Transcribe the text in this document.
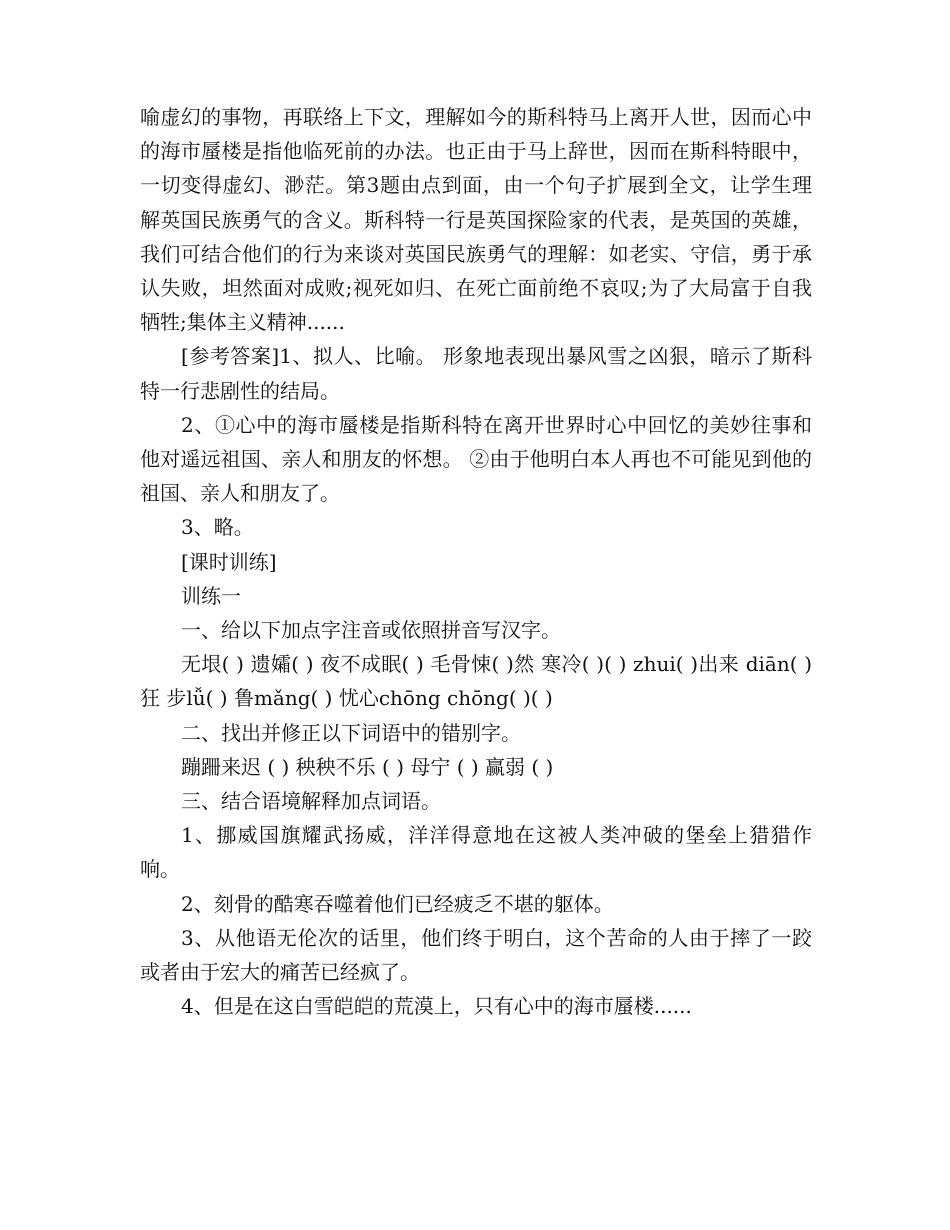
喻虚幻的事物，再联络上下文，理解如今的斯科特马上离开人世，因而心中的海市蜃楼是指他临死前的办法。也正由于马上辞世，因而在斯科特眼中，一切变得虚幻、渺茫。第3题由点到面，由一个句子扩展到全文，让学生理解英国民族勇气的含义。斯科特一行是英国探险家的代表，是英国的英雄，我们可结合他们的行为来谈对英国民族勇气的理解：如老实、守信，勇于承认失败，坦然面对成败;视死如归、在死亡面前绝不哀叹;为了大局富于自我牺牲;集体主义精神......

[参考答案]1、拟人、比喻。 形象地表现出暴风雪之凶狠，暗示了斯科特一行悲剧性的结局。

2、①心中的海市蜃楼是指斯科特在离开世界时心中回忆的美妙往事和他对遥远祖国、亲人和朋友的怀想。 ②由于他明白本人再也不可能见到他的祖国、亲人和朋友了。

3、略。

[课时训练]

训练一

一、给以下加点字注音或依照拼音写汉字。

无垠( ) 遗孀( ) 夜不成眠( ) 毛骨悚( )然 寒冷( )( ) zhui( )出来 diān( )狂 步lǚ( ) 鲁mǎng( ) 忧心chōng chōng( )( )

二、找出并修正以下词语中的错别字。

蹦跚来迟 ( ) 秧秧不乐 ( ) 母宁 ( ) 赢弱 ( )

三、结合语境解释加点词语。

1、挪威国旗耀武扬威，洋洋得意地在这被人类冲破的堡垒上猎猎作响。

2、刻骨的酷寒吞噬着他们已经疲乏不堪的躯体。

3、从他语无伦次的话里，他们终于明白，这个苦命的人由于摔了一跤或者由于宏大的痛苦已经疯了。

4、但是在这白雪皑皑的荒漠上，只有心中的海市蜃楼......
